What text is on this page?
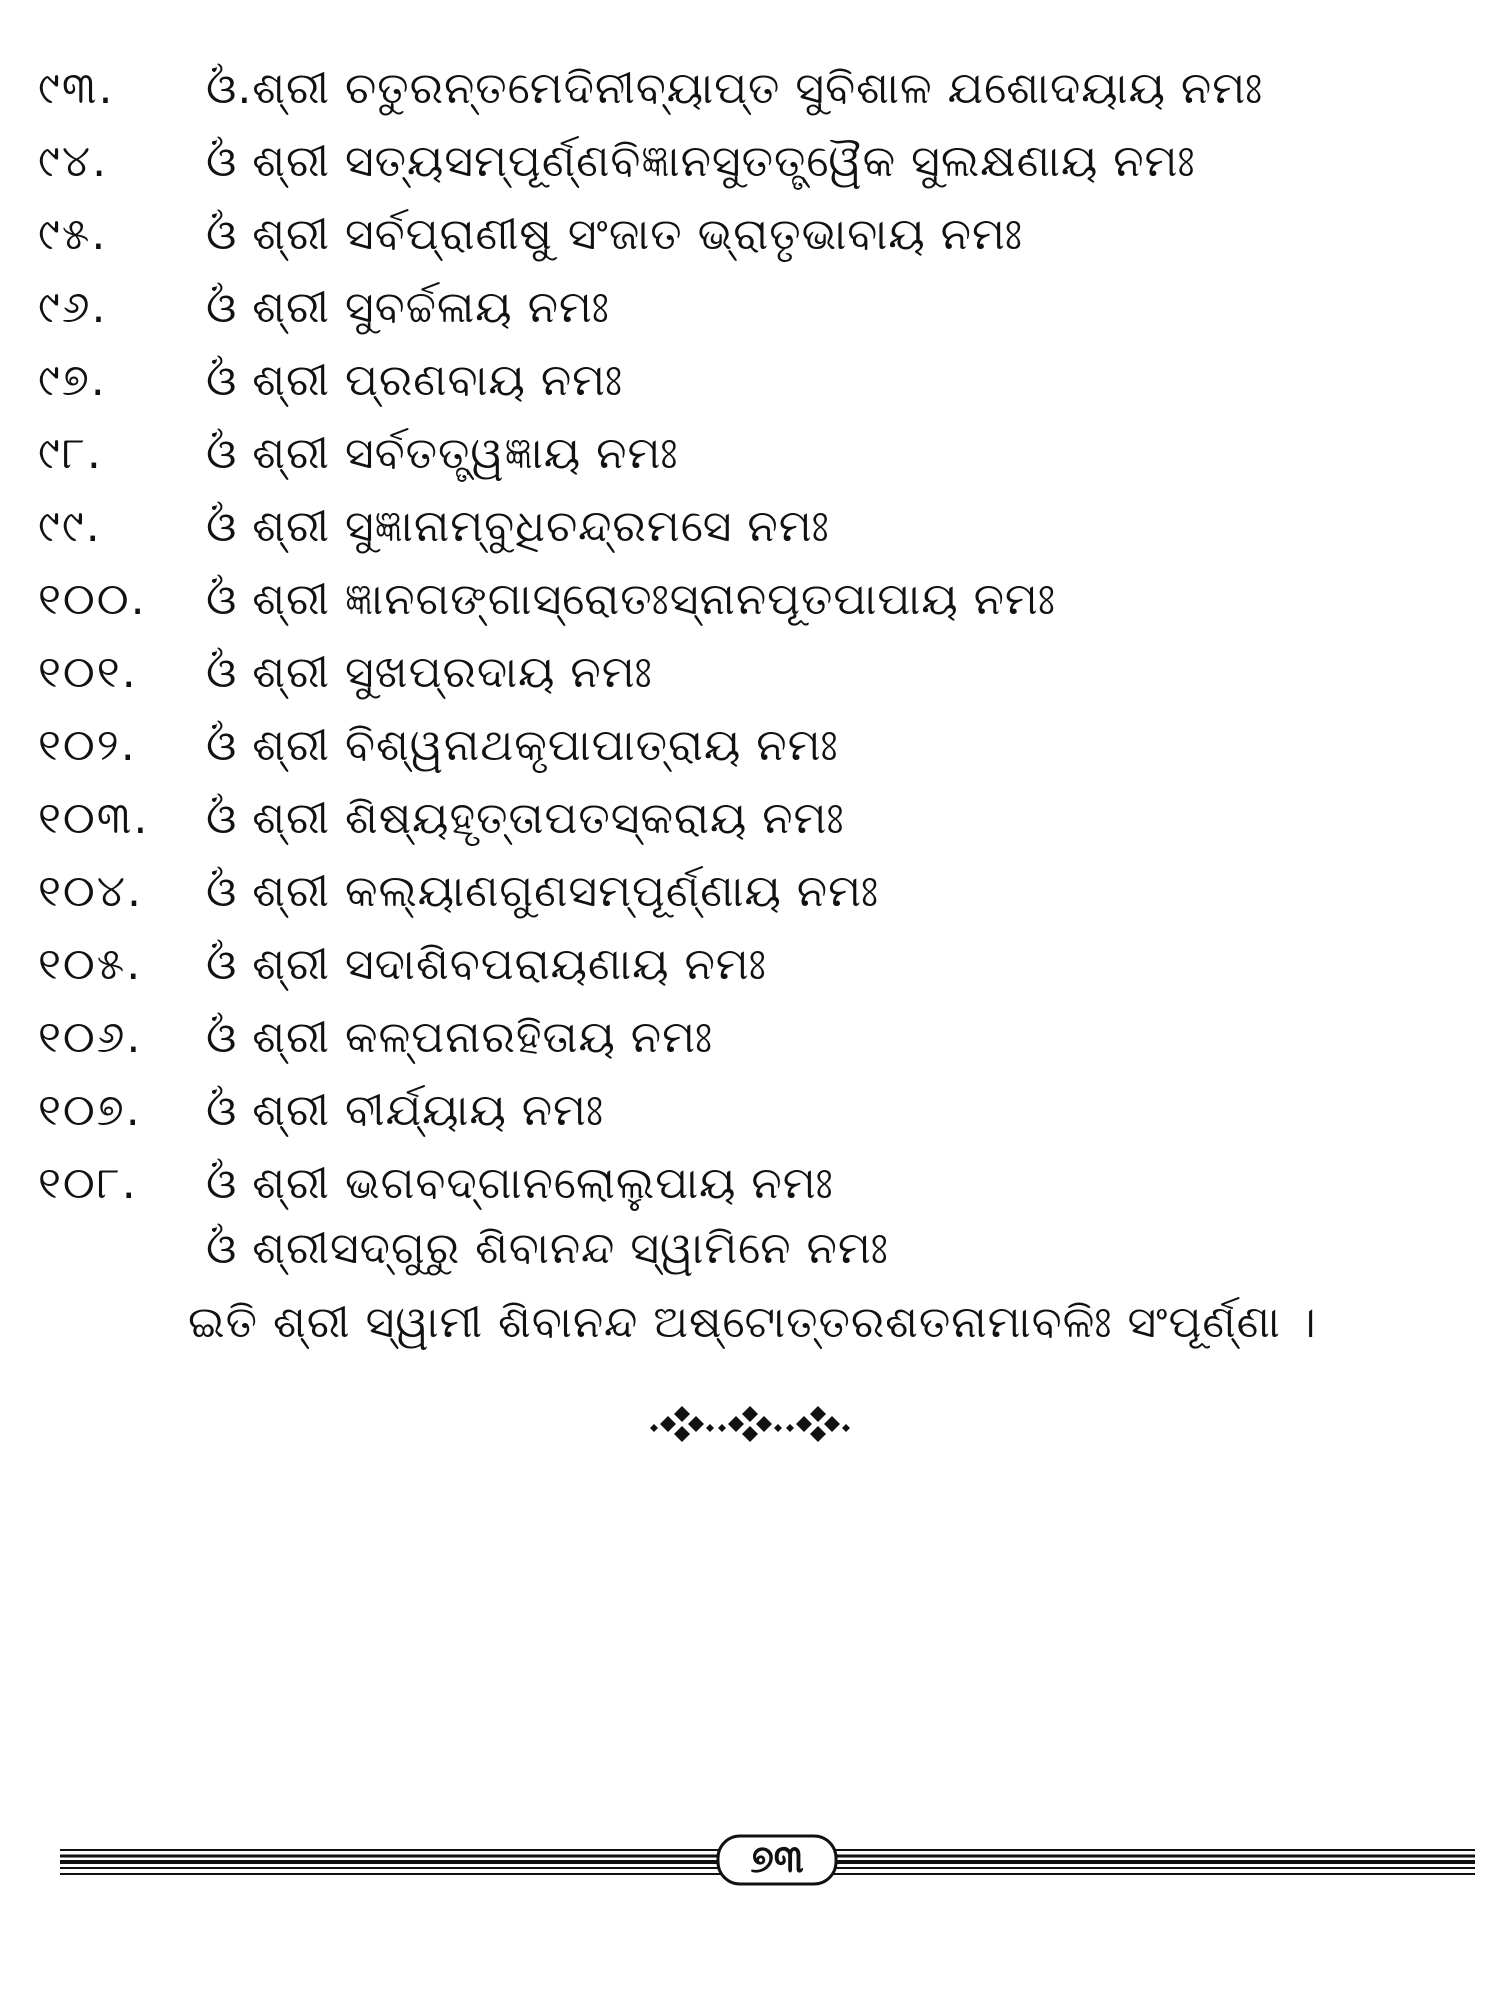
୯୩.	ଓଁ.ଶ୍ରୀ ଚତୁରନ୍ତମେଦିନୀବ୍ୟାପ୍ତ ସୁବିଶାଳ ଯଶୋଦୟାୟ ନମଃ
୯୪.	ଓଁ ଶ୍ରୀ ସତ୍ୟସମ୍ପୂର୍ଣ୍ଣବିଜ୍ଞାନସୁତତ୍ତ୍ୱୈକ ସୁଲକ୍ଷଣାୟ ନମଃ
୯୫.	ଓଁ ଶ୍ରୀ ସର୍ବପ୍ରାଣୀଷୁ ସଂଜାତ ଭ୍ରାତୃଭାବାୟ ନମଃ
୯୬.	ଓଁ ଶ୍ରୀ ସୁବର୍ଚ୍ଚଳାୟ ନମଃ
୯୭.	ଓଁ ଶ୍ରୀ ପ୍ରଣବାୟ ନମଃ
୯୮.	ଓଁ ଶ୍ରୀ ସର୍ବତତ୍ତ୍ୱଜ୍ଞାୟ ନମଃ
୯୯.	ଓଁ ଶ୍ରୀ ସୁଜ୍ଞାନାମ୍ବୁଧିଚନ୍ଦ୍ରମସେ ନମଃ
୧୦୦.	ଓଁ ଶ୍ରୀ ଜ୍ଞାନଗଙ୍ଗାସ୍ରୋତଃସ୍ନାନପୂତପାପାୟ ନମଃ
୧୦୧.	ଓଁ ଶ୍ରୀ ସୁଖପ୍ରଦାୟ ନମଃ
୧୦୨.	ଓଁ ଶ୍ରୀ ବିଶ୍ୱନାଥକୃପାପାତ୍ରାୟ ନମଃ
୧୦୩.	ଓଁ ଶ୍ରୀ ଶିଷ୍ୟହୃତ୍ତାପତସ୍କରାୟ ନମଃ
୧୦୪.	ଓଁ ଶ୍ରୀ କଲ୍ୟାଣଗୁଣସମ୍ପୂର୍ଣ୍ଣାୟ ନମଃ
୧୦୫.	ଓଁ ଶ୍ରୀ ସଦାଶିବପରାୟଣାୟ ନମଃ
୧୦୬.	ଓଁ ଶ୍ରୀ କଳ୍ପନାରହିତାୟ ନମଃ
୧୦୭.	ଓଁ ଶ୍ରୀ ବୀର୍ଯ୍ୟାୟ ନମଃ
୧୦୮.	ଓଁ ଶ୍ରୀ ଭଗବଦ୍‌ଗାନଲୋଲୁପାୟ ନମଃ
ଓଁ ଶ୍ରୀସଦ୍‌ଗୁରୁ ଶିବାନନ୍ଦ ସ୍ୱାମିନେ ନମଃ
ଇତି ଶ୍ରୀ ସ୍ୱାମୀ ଶିବାନନ୍ଦ ଅଷ୍ଟୋତ୍ତରଶତନାମାବଳିଃ ସଂପୂର୍ଣ୍ଣା ।
୭୩
